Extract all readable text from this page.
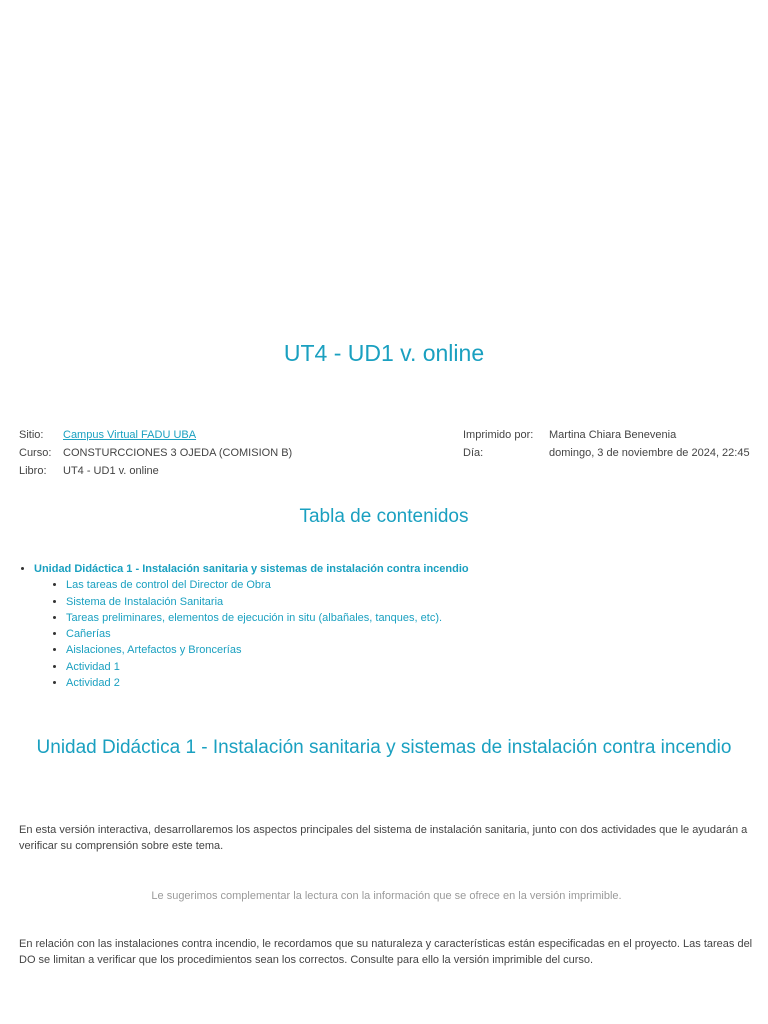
UT4 - UD1 v. online
Sitio:	Campus Virtual FADU UBA
Curso:	CONSTURCCIONES 3 OJEDA (COMISION B)
Libro:	UT4 - UD1 v. online
Imprimido por:	Martina Chiara Benevenia
Día:	domingo, 3 de noviembre de 2024, 22:45
Tabla de contenidos
• Unidad Didáctica 1 - Instalación sanitaria y sistemas de instalación contra incendio
• Las tareas de control del Director de Obra
• Sistema de Instalación Sanitaria
• Tareas preliminares, elementos de ejecución in situ (albañales, tanques, etc).
• Cañerías
• Aislaciones, Artefactos y Broncerías
• Actividad 1
• Actividad 2
Unidad Didáctica 1 - Instalación sanitaria y sistemas de instalación contra incendio

En esta versión interactiva, desarrollaremos los aspectos principales del sistema de instalación sanitaria, junto con dos actividades que le ayudarán a verificar su comprensión sobre este tema.

Le sugerimos complementar la lectura con la información que se ofrece en la versión imprimible.

En relación con las instalaciones contra incendio, le recordamos que su naturaleza y características están especificadas en el proyecto. Las tareas del DO se limitan a verificar que los procedimientos sean los correctos. Consulte para ello la versión imprimible del curso.
